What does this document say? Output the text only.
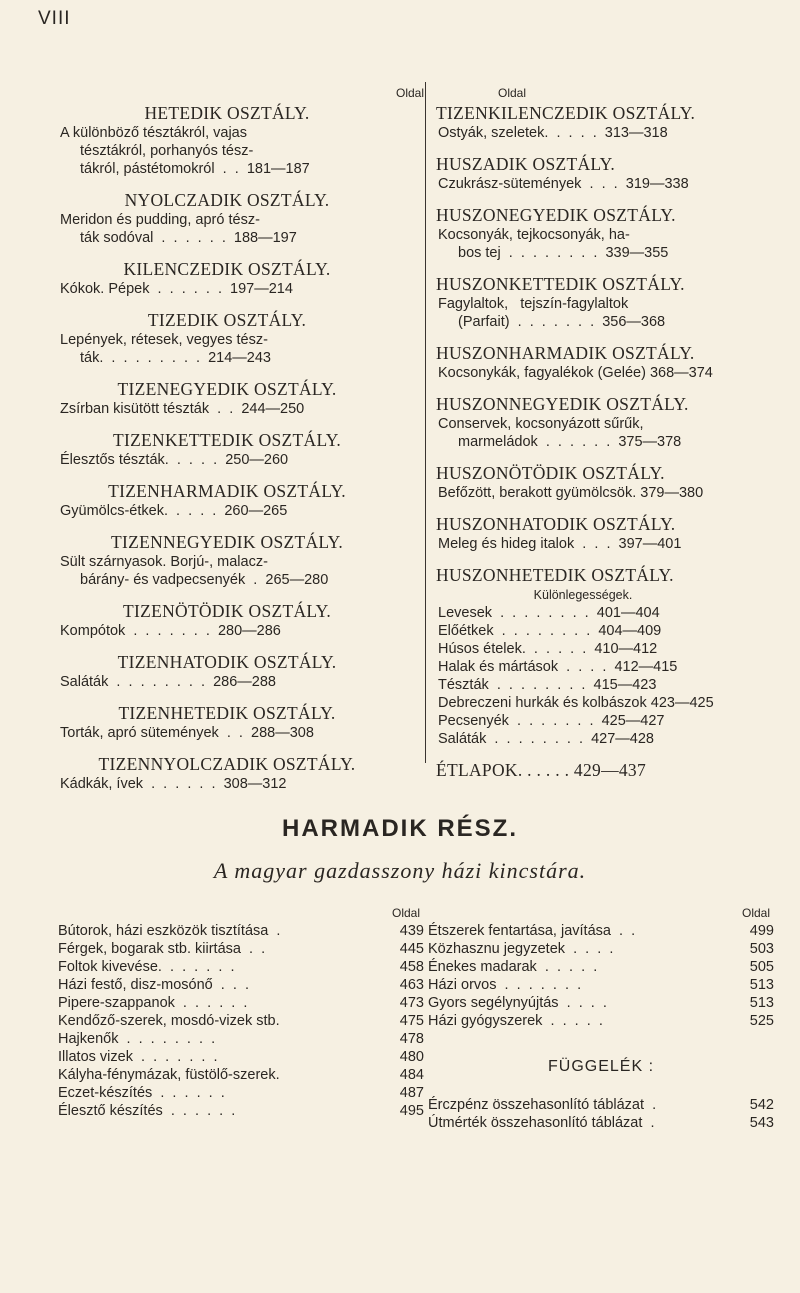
VIII
Oldal
HETEDIK OSZTÁLY.
A különböző tésztákról, vajas
tésztákról, porhanyós tész-
tákról, pástétomokról  .  .  181—187
NYOLCZADIK OSZTÁLY.
Meridon és pudding, apró tész-
ták sodóval  .  .  .  .  .  .  188—197
KILENCZEDIK OSZTÁLY.
Kókok. Pépek  .  .  .  .  .  .  197—214
TIZEDIK OSZTÁLY.
Lepények, rétesek, vegyes tész-
ták.  .  .  .  .  .  .  .  .  214—243
TIZENEGYEDIK OSZTÁLY.
Zsírban kisütött tészták  .  .  244—250
TIZENKETTEDIK OSZTÁLY.
Élesztős tészták.  .  .  .  .  250—260
TIZENHARMADIK OSZTÁLY.
Gyümölcs-étkek.  .  .  .  .  260—265
TIZENNEGYEDIK OSZTÁLY.
Sült szárnyasok. Borjú-, malacz-
bárány- és vadpecsenyék  .  265—280
TIZENÖTÖDIK OSZTÁLY.
Kompótok  .  .  .  .  .  .  .  280—286
TIZENHATODIK OSZTÁLY.
Saláták  .  .  .  .  .  .  .  .  286—288
TIZENHETEDIK OSZTÁLY.
Torták, apró sütemények  .  .  288—308
TIZENNYOLCZADIK OSZTÁLY.
Kádkák, ívek  .  .  .  .  .  .  308—312
Oldal
TIZENKILENCZEDIK OSZTÁLY.
Ostyák, szeletek.  .  .  .  .  313—318
HUSZADIK OSZTÁLY.
Czukrász-sütemények  .  .  .  319—338
HUSZONEGYEDIK OSZTÁLY.
Kocsonyák, tejkocsonyák, ha-
bos tej  .  .  .  .  .  .  .  .  339—355
HUSZONKETTEDIK OSZTÁLY.
Fagylaltok,   tejszín-fagylaltok
(Parfait)  .  .  .  .  .  .  .  356—368
HUSZONHARMADIK OSZTÁLY.
Kocsonykák, fagyalékok (Gelée) 368—374
HUSZONNEGYEDIK OSZTÁLY.
Conservek, kocsonyázott sűrűk,
marmeládok  .  .  .  .  .  .  375—378
HUSZONÖTÖDIK OSZTÁLY.
Befőzött, berakott gyümölcsök. 379—380
HUSZONHATODIK OSZTÁLY.
Meleg és hideg italok  .  .  .  397—401
HUSZONHETEDIK OSZTÁLY.
Különlegességek.
Levesek  .  .  .  .  .  .  .  .  401—404
Előétkek  .  .  .  .  .  .  .  .  404—409
Húsos ételek.  .  .  .  .  .  410—412
Halak és mártások  .  .  .  .  412—415
Tészták  .  .  .  .  .  .  .  .  415—423
Debreczeni hurkák és kolbászok 423—425
Pecsenyék  .  .  .  .  .  .  .  425—427
Saláták  .  .  .  .  .  .  .  .  427—428
ÉTLAPOK. . . . . . 429—437
HARMADIK RÉSZ.
A magyar gazdasszony házi kincstára.
Oldal
Bútorok, házi eszközök tisztítása  .	439
Férgek, bogarak stb. kiirtása  .  .	445
Foltok kivevése.  .  .  .  .  .  .	458
Házi festő, disz-mosónő  .  .  .	463
Pipere-szappanok  .  .  .  .  .  .	473
Kendőző-szerek, mosdó-vizek stb.	475
Hajkenők  .  .  .  .  .  .  .  .	478
Illatos vizek  .  .  .  .  .  .  .	480
Kályha-fénymázak, füstölő-szerek.	484
Eczet-készítés  .  .  .  .  .  .	487
Élesztő készítés  .  .  .  .  .  .	495
Oldal
Étszerek fentartása, javítása  .  .	499
Közhasznu jegyzetek  .  .  .  .	503
Énekes madarak  .  .  .  .  .	505
Házi orvos  .  .  .  .  .  .  .	513
Gyors segélynyújtás  .  .  .  .	513
Házi gyógyszerek  .  .  .  .  .	525
FÜGGELÉK :
Érczpénz összehasonlító táblázat  .	542
Útmérték összehasonlító táblázat  .	543
